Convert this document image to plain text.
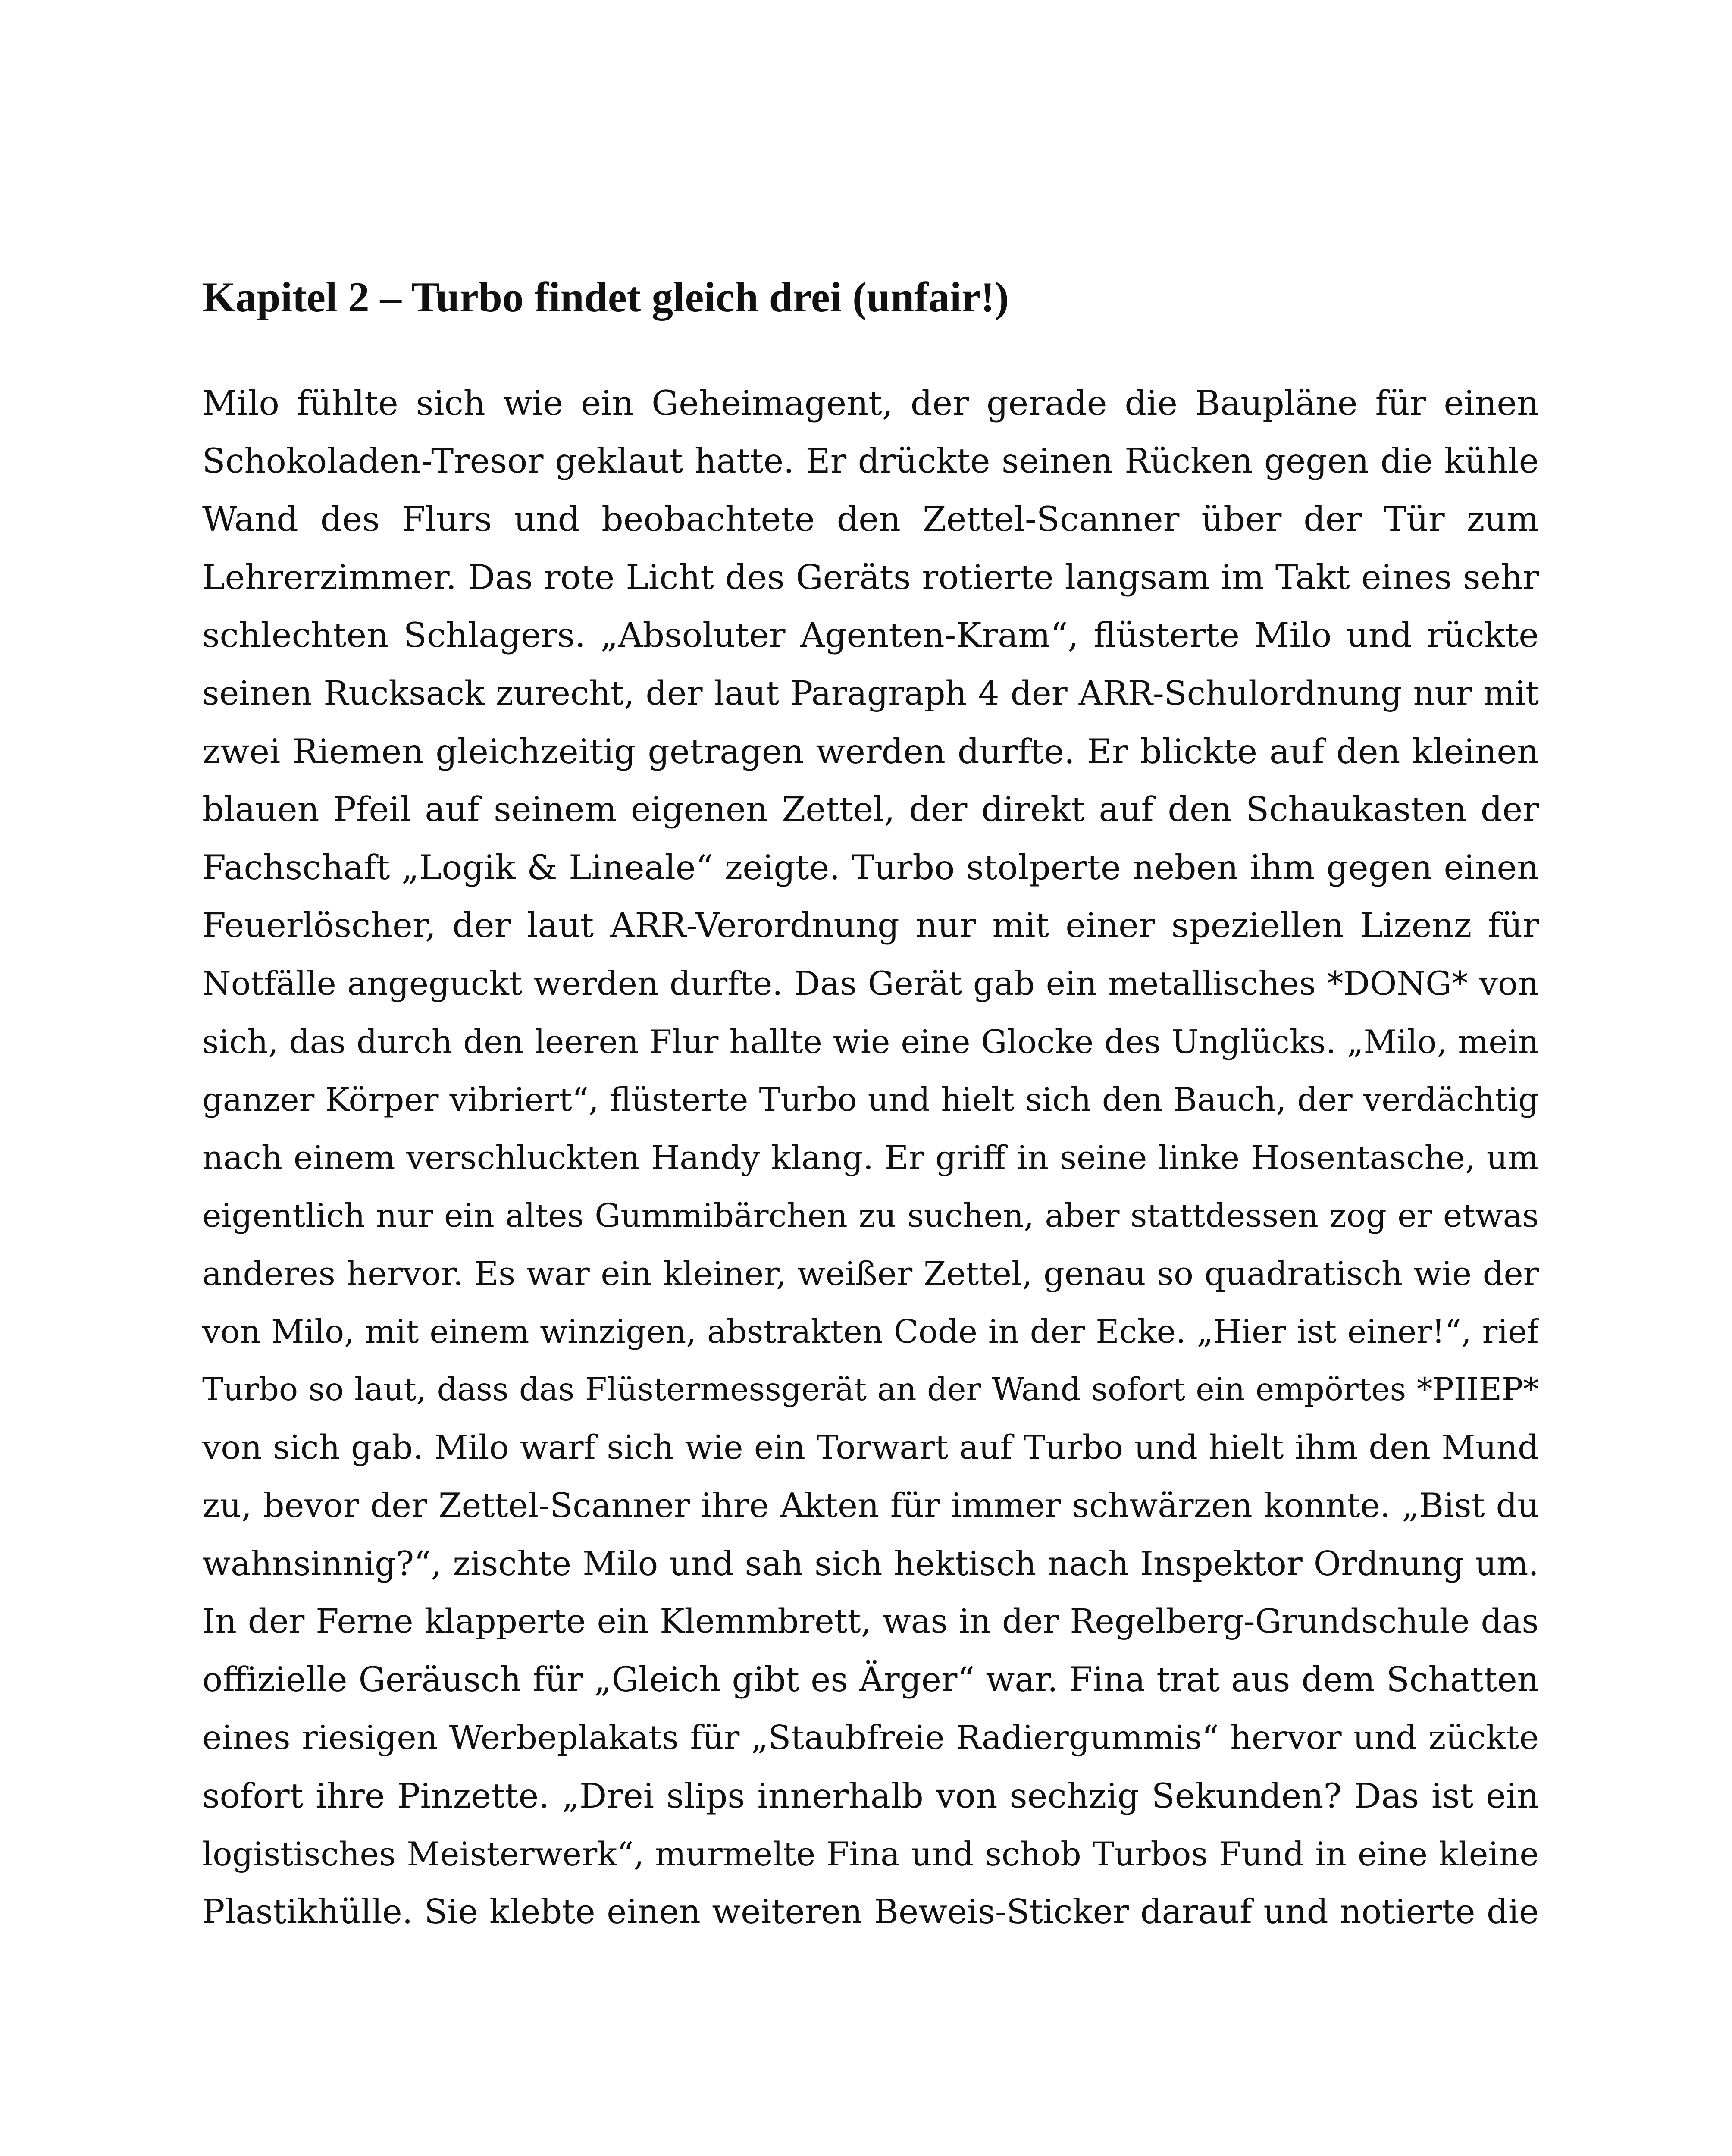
Kapitel 2 – Turbo findet gleich drei (unfair!)
Milo fühlte sich wie ein Geheimagent, der gerade die Baupläne für einen
Schokoladen-Tresor geklaut hatte. Er drückte seinen Rücken gegen die kühle
Wand des Flurs und beobachtete den Zettel-Scanner über der Tür zum
Lehrerzimmer. Das rote Licht des Geräts rotierte langsam im Takt eines sehr
schlechten Schlagers. „Absoluter Agenten-Kram“, flüsterte Milo und rückte
seinen Rucksack zurecht, der laut Paragraph 4 der ARR-Schulordnung nur mit
zwei Riemen gleichzeitig getragen werden durfte. Er blickte auf den kleinen
blauen Pfeil auf seinem eigenen Zettel, der direkt auf den Schaukasten der
Fachschaft „Logik & Lineale“ zeigte. Turbo stolperte neben ihm gegen einen
Feuerlöscher, der laut ARR-Verordnung nur mit einer speziellen Lizenz für
Notfälle angeguckt werden durfte. Das Gerät gab ein metallisches *DONG* von
sich, das durch den leeren Flur hallte wie eine Glocke des Unglücks. „Milo, mein
ganzer Körper vibriert“, flüsterte Turbo und hielt sich den Bauch, der verdächtig
nach einem verschluckten Handy klang. Er griff in seine linke Hosentasche, um
eigentlich nur ein altes Gummibärchen zu suchen, aber stattdessen zog er etwas
anderes hervor. Es war ein kleiner, weißer Zettel, genau so quadratisch wie der
von Milo, mit einem winzigen, abstrakten Code in der Ecke. „Hier ist einer!“, rief
Turbo so laut, dass das Flüstermessgerät an der Wand sofort ein empörtes *PIIEP*
von sich gab. Milo warf sich wie ein Torwart auf Turbo und hielt ihm den Mund
zu, bevor der Zettel-Scanner ihre Akten für immer schwärzen konnte. „Bist du
wahnsinnig?“, zischte Milo und sah sich hektisch nach Inspektor Ordnung um.
In der Ferne klapperte ein Klemmbrett, was in der Regelberg-Grundschule das
offizielle Geräusch für „Gleich gibt es Ärger“ war. Fina trat aus dem Schatten
eines riesigen Werbeplakats für „Staubfreie Radiergummis“ hervor und zückte
sofort ihre Pinzette. „Drei slips innerhalb von sechzig Sekunden? Das ist ein
logistisches Meisterwerk“, murmelte Fina und schob Turbos Fund in eine kleine
Plastikhülle. Sie klebte einen weiteren Beweis-Sticker darauf und notierte die
